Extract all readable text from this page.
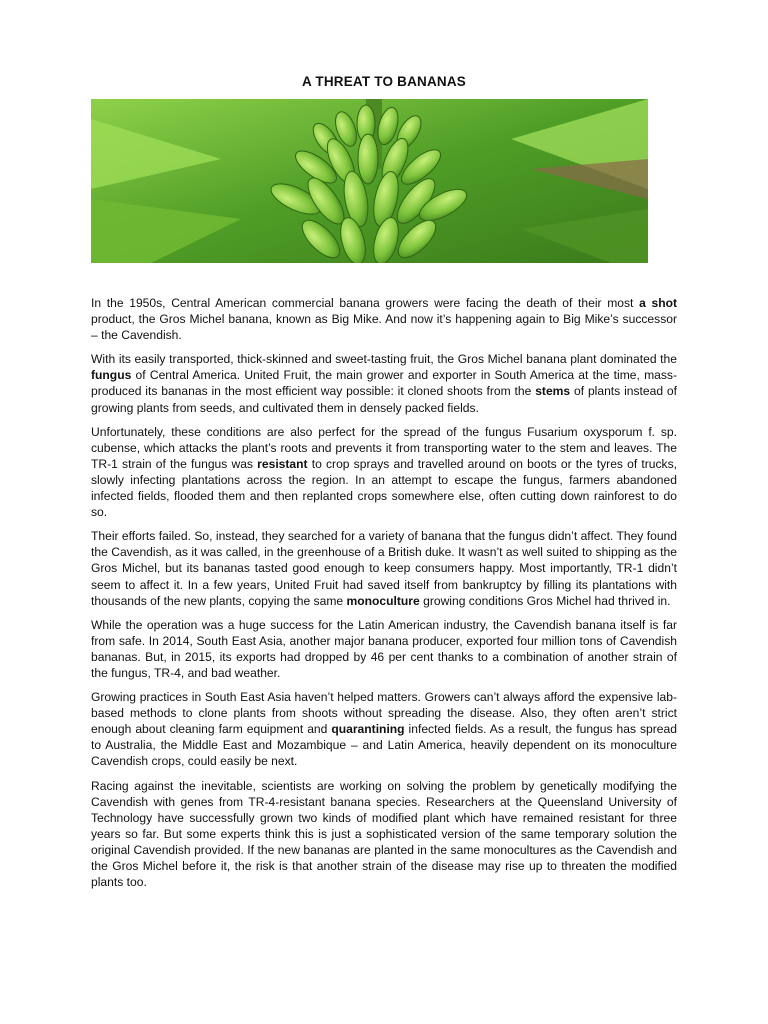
A THREAT TO BANANAS

In the 1950s, Central American commercial banana growers were facing the death of their most a shot product, the Gros Michel banana, known as Big Mike. And now it’s happening again to Big Mike’s successor – the Cavendish.

With its easily transported, thick-skinned and sweet-tasting fruit, the Gros Michel banana plant dominated the fungus of Central America. United Fruit, the main grower and exporter in South America at the time, mass-produced its bananas in the most efficient way possible: it cloned shoots from the stems of plants instead of growing plants from seeds, and cultivated them in densely packed fields.

Unfortunately, these conditions are also perfect for the spread of the fungus Fusarium oxysporum f. sp. cubense, which attacks the plant’s roots and prevents it from transporting water to the stem and leaves. The TR-1 strain of the fungus was resistant to crop sprays and travelled around on boots or the tyres of trucks, slowly infecting plantations across the region. In an attempt to escape the fungus, farmers abandoned infected fields, flooded them and then replanted crops somewhere else, often cutting down rainforest to do so.

Their efforts failed. So, instead, they searched for a variety of banana that the fungus didn’t affect. They found the Cavendish, as it was called, in the greenhouse of a British duke. It wasn’t as well suited to shipping as the Gros Michel, but its bananas tasted good enough to keep consumers happy. Most importantly, TR-1 didn’t seem to affect it. In a few years, United Fruit had saved itself from bankruptcy by filling its plantations with thousands of the new plants, copying the same monoculture growing conditions Gros Michel had thrived in.

While the operation was a huge success for the Latin American industry, the Cavendish banana itself is far from safe. In 2014, South East Asia, another major banana producer, exported four million tons of Cavendish bananas. But, in 2015, its exports had dropped by 46 per cent thanks to a combination of another strain of the fungus, TR-4, and bad weather.

Growing practices in South East Asia haven’t helped matters. Growers can’t always afford the expensive lab-based methods to clone plants from shoots without spreading the disease. Also, they often aren’t strict enough about cleaning farm equipment and quarantining infected fields. As a result, the fungus has spread to Australia, the Middle East and Mozambique – and Latin America, heavily dependent on its monoculture Cavendish crops, could easily be next.

Racing against the inevitable, scientists are working on solving the problem by genetically modifying the Cavendish with genes from TR-4-resistant banana species. Researchers at the Queensland University of Technology have successfully grown two kinds of modified plant which have remained resistant for three years so far. But some experts think this is just a sophisticated version of the same temporary solution the original Cavendish provided. If the new bananas are planted in the same monocultures as the Cavendish and the Gros Michel before it, the risk is that another strain of the disease may rise up to threaten the modified plants too.
